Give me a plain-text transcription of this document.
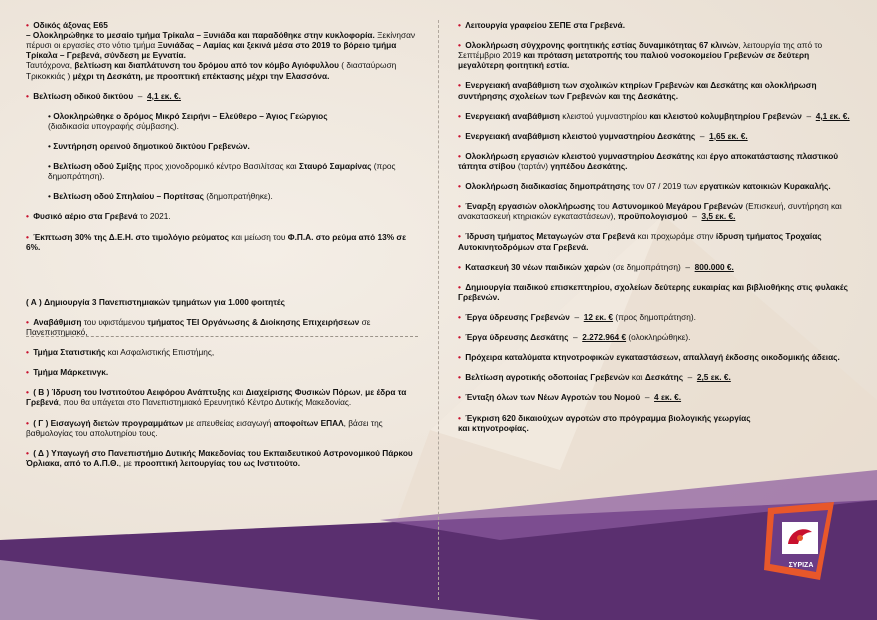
• Οδικός άξονας Ε65
– Ολοκληρώθηκε το μεσαίο τμήμα Τρίκαλα – Ξυνιάδα και παραδόθηκε στην κυκλοφορία. Ξεκίνησαν πέρυσι οι εργασίες στο νότιο τμήμα Ξυνιάδας – Λαμίας και ξεκινά μέσα στο 2019 το βόρειο τμήμα Τρίκαλα – Γρεβενά, σύνδεση με Εγνατία.
Ταυτόχρονα, βελτίωση και διαπλάτυνση του δρόμου από τον κόμβο Αγιόφυλλου ( διασταύρωση Τρικοκκιάς ) μέχρι τη Δεσκάτη, με προοπτική επέκτασης μέχρι την Ελασσόνα.
• Βελτίωση οδικού δικτύου  –  4,1 εκ. €.
• Ολοκληρώθηκε ο δρόμος Μικρό Σειρήνι – Ελεύθερο – Άγιος Γεώργιος
(διαδικασία υπογραφής σύμβασης).
• Συντήρηση ορεινού δημοτικού δικτύου Γρεβενών.
• Βελτίωση οδού Σμίξης προς χιονοδρομικό κέντρο Βασιλίτσας και Σταυρό Σαμαρίνας (προς δημοπράτηση).
• Βελτίωση οδού Σπηλαίου – Πορτίτσας (δημοπρατήθηκε).
• Φυσικό αέριο στα Γρεβενά το 2021.
• Έκπτωση 30% της Δ.Ε.Η. στο τιμολόγιο ρεύματος και μείωση του Φ.Π.Α. στο ρεύμα από 13% σε 6%.
( Α ) Δημιουργία 3 Πανεπιστημιακών τμημάτων για 1.000 φοιτητές
• Αναβάθμιση του υφιστάμενου τμήματος ΤΕΙ Οργάνωσης & Διοίκησης Επιχειρήσεων σε Πανεπιστημιακό,
• Τμήμα Στατιστικής και Ασφαλιστικής Επιστήμης,
• Τμήμα Μάρκετινγκ.
• ( Β ) Ίδρυση του Ινστιτούτου Αειφόρου Ανάπτυξης και Διαχείρισης Φυσικών Πόρων, με έδρα τα Γρεβενά, που θα υπάγεται στο Πανεπιστημιακό Ερευνητικό Κέντρο Δυτικής Μακεδονίας.
• ( Γ ) Εισαγωγή διετών προγραμμάτων με απευθείας εισαγωγή αποφοίτων ΕΠΑΛ, βάσει της βαθμολογίας του απολυτηρίου τους.
• ( Δ ) Υπαγωγή στο Πανεπιστήμιο Δυτικής Μακεδονίας του Εκπαιδευτικού Αστρονομικού Πάρκου Όρλιακα, από το Α.Π.Θ., με προοπτική λειτουργίας του ως Ινστιτούτο.
• Λειτουργία γραφείου ΣΕΠΕ στα Γρεβενά.
• Ολοκλήρωση σύγχρονης φοιτητικής εστίας δυναμικότητας 67 κλινών, λειτουργία της από το Σεπτέμβριο 2019 και πρόταση μετατροπής του παλιού νοσοκομείου Γρεβενών σε δεύτερη μεγαλύτερη φοιτητική εστία.
• Ενεργειακή αναβάθμιση των σχολικών κτηρίων Γρεβενών και Δεσκάτης και ολοκλήρωση συντήρησης σχολείων των Γρεβενών και της Δεσκάτης.
• Ενεργειακή αναβάθμιση κλειστού γυμναστηρίου και κλειστού κολυμβητηρίου Γρεβενών  –  4,1 εκ. €.
• Ενεργειακή αναβάθμιση κλειστού γυμναστηρίου Δεσκάτης  –  1,65 εκ. €.
• Ολοκλήρωση εργασιών κλειστού γυμναστηρίου Δεσκάτης και έργο αποκατάστασης πλαστικού τάπητα στίβου (ταρτάν) γηπέδου Δεσκάτης.
• Ολοκλήρωση διαδικασίας δημοπράτησης τον 07 / 2019 των εργατικών κατοικιών Κυρακαλής.
• Έναρξη εργασιών ολοκλήρωσης του Αστυνομικού Μεγάρου Γρεβενών (Επισκευή, συντήρηση και ανακατασκευή κτηριακών εγκαταστάσεων), προϋπολογισμού  –  3,5 εκ. €.
• Ίδρυση τμήματος Μεταγωγών στα Γρεβενά και προχωράμε στην ίδρυση τμήματος Τροχαίας Αυτοκινητοδρόμων στα Γρεβενά.
• Κατασκευή 30 νέων παιδικών χαρών (σε δημοπράτηση)  –  800.000 €.
• Δημιουργία παιδικού επισκεπτηρίου, σχολείων δεύτερης ευκαιρίας και βιβλιοθήκης στις φυλακές Γρεβενών.
• Έργα ύδρευσης Γρεβενών  –  12 εκ. € (προς δημοπράτηση).
• Έργα ύδρευσης Δεσκάτης  –  2.272.964 € (ολοκληρώθηκε).
• Πρόχειρα καταλύματα κτηνοτροφικών εγκαταστάσεων, απαλλαγή έκδοσης οικοδομικής άδειας.
• Βελτίωση αγροτικής οδοποιίας Γρεβενών και Δεσκάτης  –  2,5 εκ. €.
• Ένταξη όλων των Νέων Αγροτών του Νομού  –  4 εκ. €.
• Έγκριση 620 δικαιούχων αγροτών στο πρόγραμμα βιολογικής γεωργίας και κτηνοτροφίας.
ΣΥΡΙΖΑ
